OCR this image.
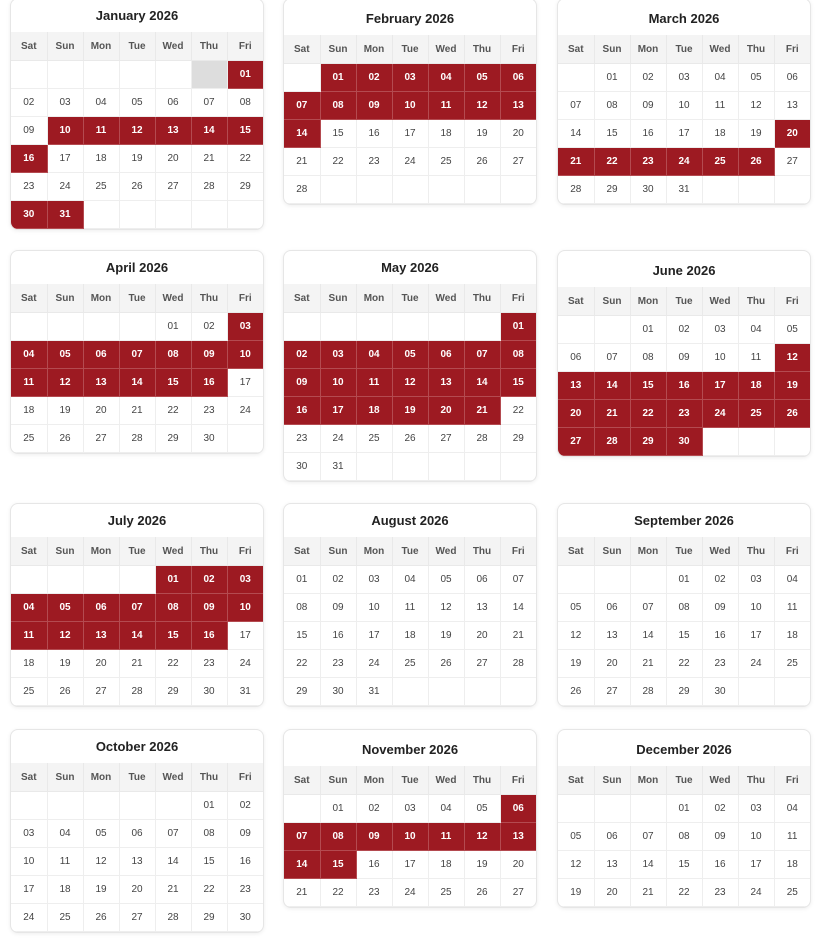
January 2026
Sat	Sun	Mon	Tue	Wed	Thu	Fri
						01
02	03	04	05	06	07	08
09	10	11	12	13	14	15
16	17	18	19	20	21	22
23	24	25	26	27	28	29
30	31					
February 2026
Sat	Sun	Mon	Tue	Wed	Thu	Fri
	01	02	03	04	05	06
07	08	09	10	11	12	13
14	15	16	17	18	19	20
21	22	23	24	25	26	27
28						
March 2026
Sat	Sun	Mon	Tue	Wed	Thu	Fri
	01	02	03	04	05	06
07	08	09	10	11	12	13
14	15	16	17	18	19	20
21	22	23	24	25	26	27
28	29	30	31			
April 2026
Sat	Sun	Mon	Tue	Wed	Thu	Fri
				01	02	03
04	05	06	07	08	09	10
11	12	13	14	15	16	17
18	19	20	21	22	23	24
25	26	27	28	29	30	
May 2026
Sat	Sun	Mon	Tue	Wed	Thu	Fri
						01
02	03	04	05	06	07	08
09	10	11	12	13	14	15
16	17	18	19	20	21	22
23	24	25	26	27	28	29
30	31					
June 2026
Sat	Sun	Mon	Tue	Wed	Thu	Fri
		01	02	03	04	05
06	07	08	09	10	11	12
13	14	15	16	17	18	19
20	21	22	23	24	25	26
27	28	29	30			
July 2026
Sat	Sun	Mon	Tue	Wed	Thu	Fri
				01	02	03
04	05	06	07	08	09	10
11	12	13	14	15	16	17
18	19	20	21	22	23	24
25	26	27	28	29	30	31
August 2026
Sat	Sun	Mon	Tue	Wed	Thu	Fri
01	02	03	04	05	06	07
08	09	10	11	12	13	14
15	16	17	18	19	20	21
22	23	24	25	26	27	28
29	30	31				
September 2026
Sat	Sun	Mon	Tue	Wed	Thu	Fri
			01	02	03	04
05	06	07	08	09	10	11
12	13	14	15	16	17	18
19	20	21	22	23	24	25
26	27	28	29	30		
October 2026
Sat	Sun	Mon	Tue	Wed	Thu	Fri
					01	02
03	04	05	06	07	08	09
10	11	12	13	14	15	16
17	18	19	20	21	22	23
24	25	26	27	28	29	30
November 2026
Sat	Sun	Mon	Tue	Wed	Thu	Fri
	01	02	03	04	05	06
07	08	09	10	11	12	13
14	15	16	17	18	19	20
21	22	23	24	25	26	27
December 2026
Sat	Sun	Mon	Tue	Wed	Thu	Fri
			01	02	03	04
05	06	07	08	09	10	11
12	13	14	15	16	17	18
19	20	21	22	23	24	25
